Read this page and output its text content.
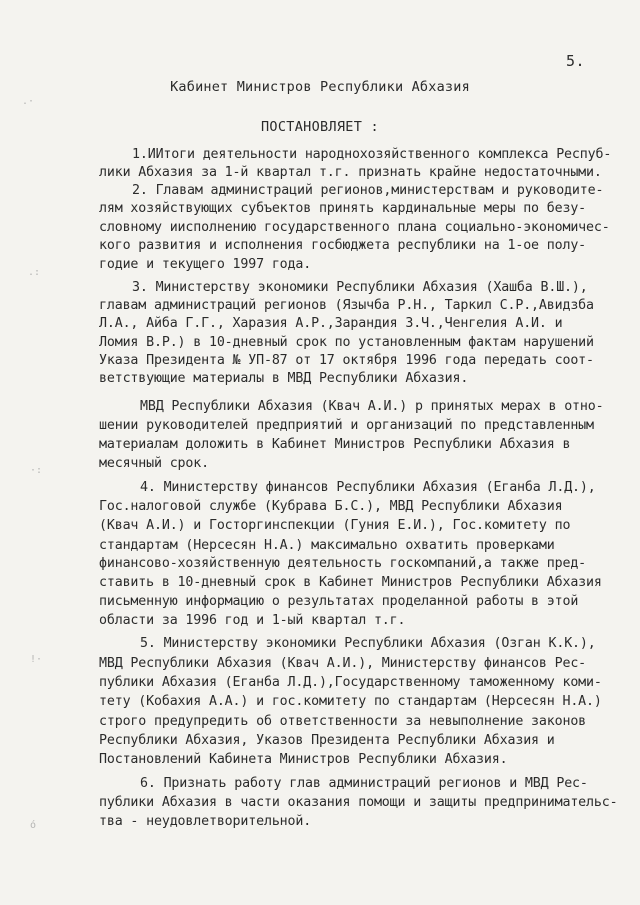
5.
Кабинет Министров Республики Абхазия
ПОСТАНОВЛЯЕТ :
1.ИИтоги деятельности народнохозяйственного комплекса Респуб-
лики Абхазия за 1-й квартал т.г. признать крайне недостаточными.
2. Главам администраций регионов,министерствам и руководите-
лям хозяйствующих субъектов принять кардинальные меры по безу-
словному иисполнению государственного плана социально-экономичес-
кого развития и исполнения госбюджета республики на 1-ое полу-
годие и текущего 1997 года.
3. Министерству экономики Республики Абхазия (Хашба В.Ш.),
главам администраций регионов (Язычба Р.Н., Таркил С.Р.,Авидзба
Л.А., Айба Г.Г., Харазия А.Р.,Зарандия З.Ч.,Ченгелия А.И. и
Ломия В.Р.) в 10-дневный срок по установленным фактам нарушений
Указа Президента № УП-87 от 17 октября 1996 года передать соот-
ветствующие материалы в МВД Республики Абхазия.
МВД Республики Абхазия (Квач А.И.) р принятых мерах в отно-
шении руководителей предприятий и организаций по представленным
материалам доложить в Кабинет Министров Республики Абхазия в
месячный срок.
4. Министерству финансов Республики Абхазия (Еганба Л.Д.),
Гос.налоговой службе (Кубрава Б.С.), МВД Республики Абхазия
(Квач А.И.) и Госторгинспекции (Гуния Е.И.), Гос.комитету по
стандартам (Нерсесян Н.А.) максимально охватить проверками
финансово-хозяйственную деятельность госкомпаний,а также пред-
ставить в 10-дневный срок в Кабинет Министров Республики Абхазия
письменную информацию о результатах проделанной работы в этой
области за 1996 год и 1-ый квартал т.г.
5. Министерству экономики Республики Абхазия (Озган К.К.),
МВД Республики Абхазия (Квач А.И.), Министерству финансов Рес-
публики Абхазия (Еганба Л.Д.),Государственному таможенному коми-
тету (Кобахия А.А.) и гос.комитету по стандартам (Нерсесян Н.А.)
строго предупредить об ответственности за невыполнение законов
Республики Абхазия, Указов Президента Республики Абхазия и
Постановлений Кабинета Министров Республики Абхазия.
6. Признать работу глав администраций регионов и МВД Рес-
публики Абхазия в части оказания помощи и защиты предпринимательс-
тва - неудовлетворительной.
.·
.:
·:
!·
ό
